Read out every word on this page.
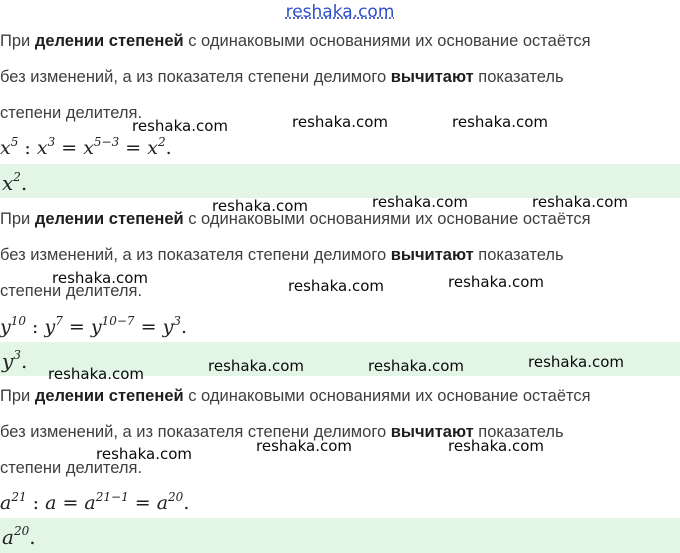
reshaka.com
При делении степеней с одинаковыми основаниями их основание остаётся
без изменений, а из показателя степени делимого вычитают показатель
степени делителя.
$x^5$ : $x^3 = x^{5-3} = x^2$.
$x^2$.
При делении степеней с одинаковыми основаниями их основание остаётся
без изменений, а из показателя степени делимого вычитают показатель
степени делителя.
$y^{10}$ : $y^7 = y^{10-7} = y^3$.
$y^3$.
При делении степеней с одинаковыми основаниями их основание остаётся
без изменений, а из показателя степени делимого вычитают показатель
степени делителя.
$a^{21}$ : $a = a^{21-1} = a^{20}$.
$a^{20}$.
reshaka.com	reshaka.com	reshaka.com
reshaka.com	reshaka.com	reshaka.com
reshaka.com	reshaka.com	reshaka.com
reshaka.com	reshaka.com	reshaka.com	reshaka.com
reshaka.com	reshaka.com	reshaka.com
